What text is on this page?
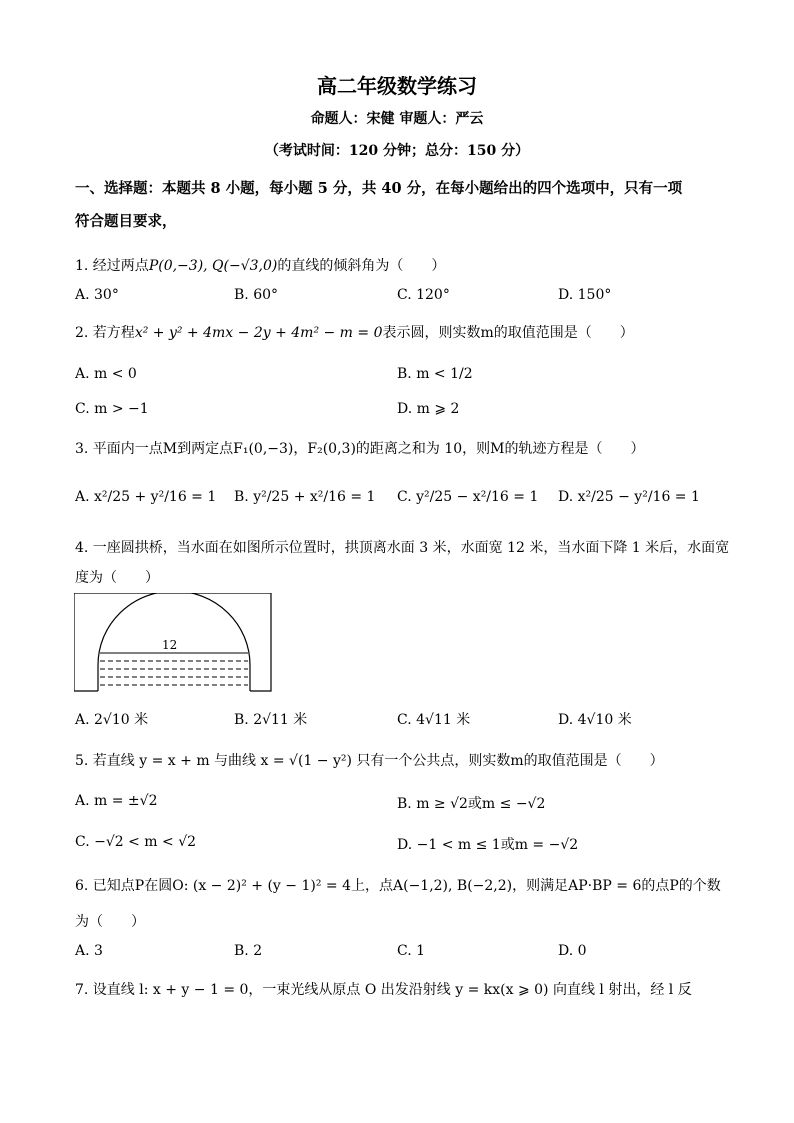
高二年级数学练习
命题人：宋健 审题人：严云
（考试时间：120 分钟；总分：150 分）
一、选择题：本题共 8 小题，每小题 5 分，共 40 分，在每小题给出的四个选项中，只有一项
符合题目要求，
1. 经过两点P(0,−3), Q(−√3,0)的直线的倾斜角为（　　）
A. 30°	B. 60°	C. 120°	D. 150°
2. 若方程x² + y² + 4mx − 2y + 4m² − m = 0表示圆，则实数m的取值范围是（　　）
A. m < 0	B. m < 1/2
C. m > −1	D. m ⩾ 2
3. 平面内一点M到两定点F₁(0,−3)，F₂(0,3)的距离之和为 10，则M的轨迹方程是（　　）
A. x²/25 + y²/16 = 1 B. y²/25 + x²/16 = 1 C. y²/25 − x²/16 = 1 D. x²/25 − y²/16 = 1
4. 一座圆拱桥，当水面在如图所示位置时，拱顶离水面 3 米，水面宽 12 米，当水面下降 1 米后，水面宽
度为（　　）
12
A. 2√10 米	B. 2√11 米	C. 4√11 米	D. 4√10 米
5. 若直线 y = x + m 与曲线 x = √(1 − y²) 只有一个公共点，则实数m的取值范围是（　　）
A. m = ±√2	B. m ≥ √2或m ≤ −√2
C. −√2 < m < √2	D. −1 < m ≤ 1或m = −√2
6. 已知点P在圆O: (x − 2)² + (y − 1)² = 4上，点A(−1,2), B(−2,2)，则满足AP·BP = 6的点P的个数
为（　　）
A. 3	B. 2	C. 1	D. 0
7. 设直线 l: x + y − 1 = 0，一束光线从原点 O 出发沿射线 y = kx(x ⩾ 0) 向直线 l 射出，经 l 反
